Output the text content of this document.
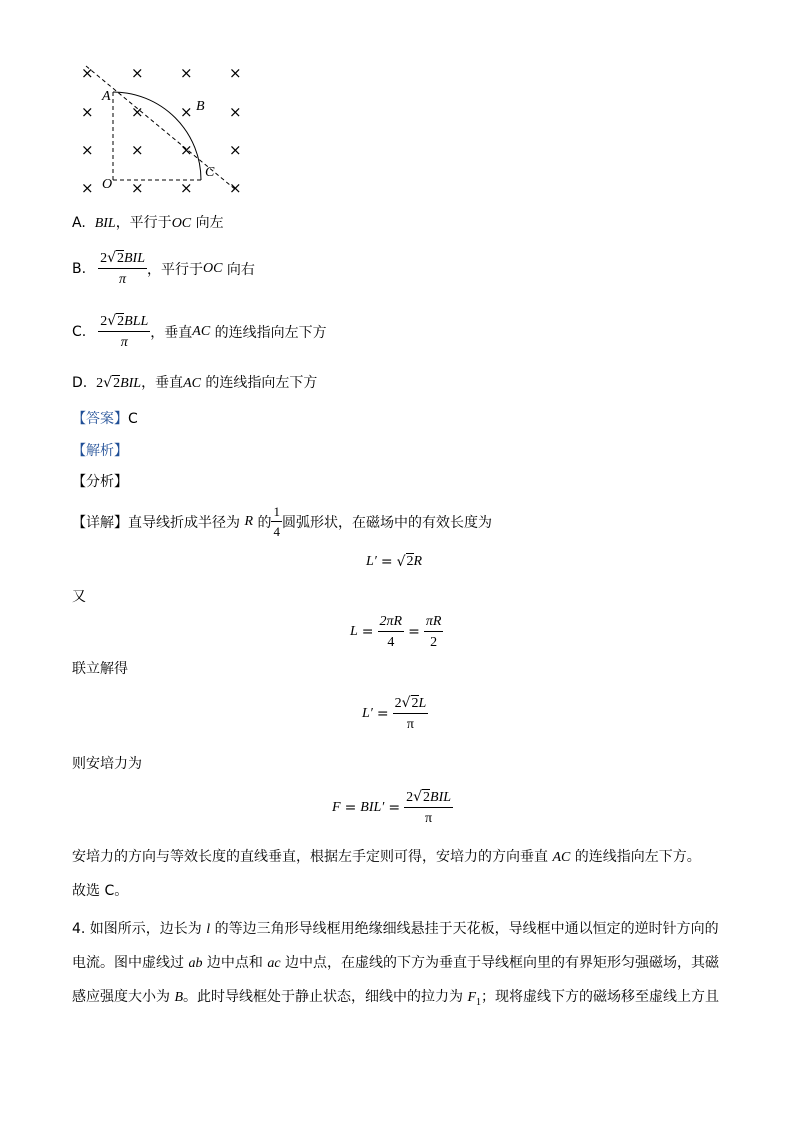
× × × ×
× × × ×
× × × ×
× × × ×
A
B
C
O
A. BIL，平行于OC 向左
B. $\frac{\text{2√2BIL}}{\pi}$ ，平行于 OC
向右
C. $\frac{\text{2√2BLL}}{\pi}$ ，垂直 AC
的连线指向左下方
D. 2√2BIL，垂直AC 的连线指向左下方
【答案】C
【解析】
【分析】
【详解】 直导线折成半径为
R
的 $\frac{1}{4}$ 圆弧形状，在磁场中的有效长度为
L′ = √ 2 R
又
$L = \frac{2\pi R}{4} = \frac{\pi R}{2}$
联立解得
$L' = \frac{2√2L}{\pi}$
则安培力为
$F = BIL' = \frac{\text{2√2BIL}}{\pi}$
安培力的方向与等效长度的直线垂直，根据左手定则可得，安培力的方向垂直 AC 的连线指向左下方。
故选 C。
4. 如图所示，边长为 l 的等边三角形导线框用绝缘细线悬挂于天花板，导线框中通以恒定的逆时针方向的
电流。图中虚线过 ab 边中点和 ac 边中点，在虚线的下方为垂直于导线框向里的有界矩形匀强磁场，其磁
感应强度大小为 B。此时导线框处于静止状态，细线中的拉力为 $F_1$；现将虚线下方的磁场移至虚线上方且
